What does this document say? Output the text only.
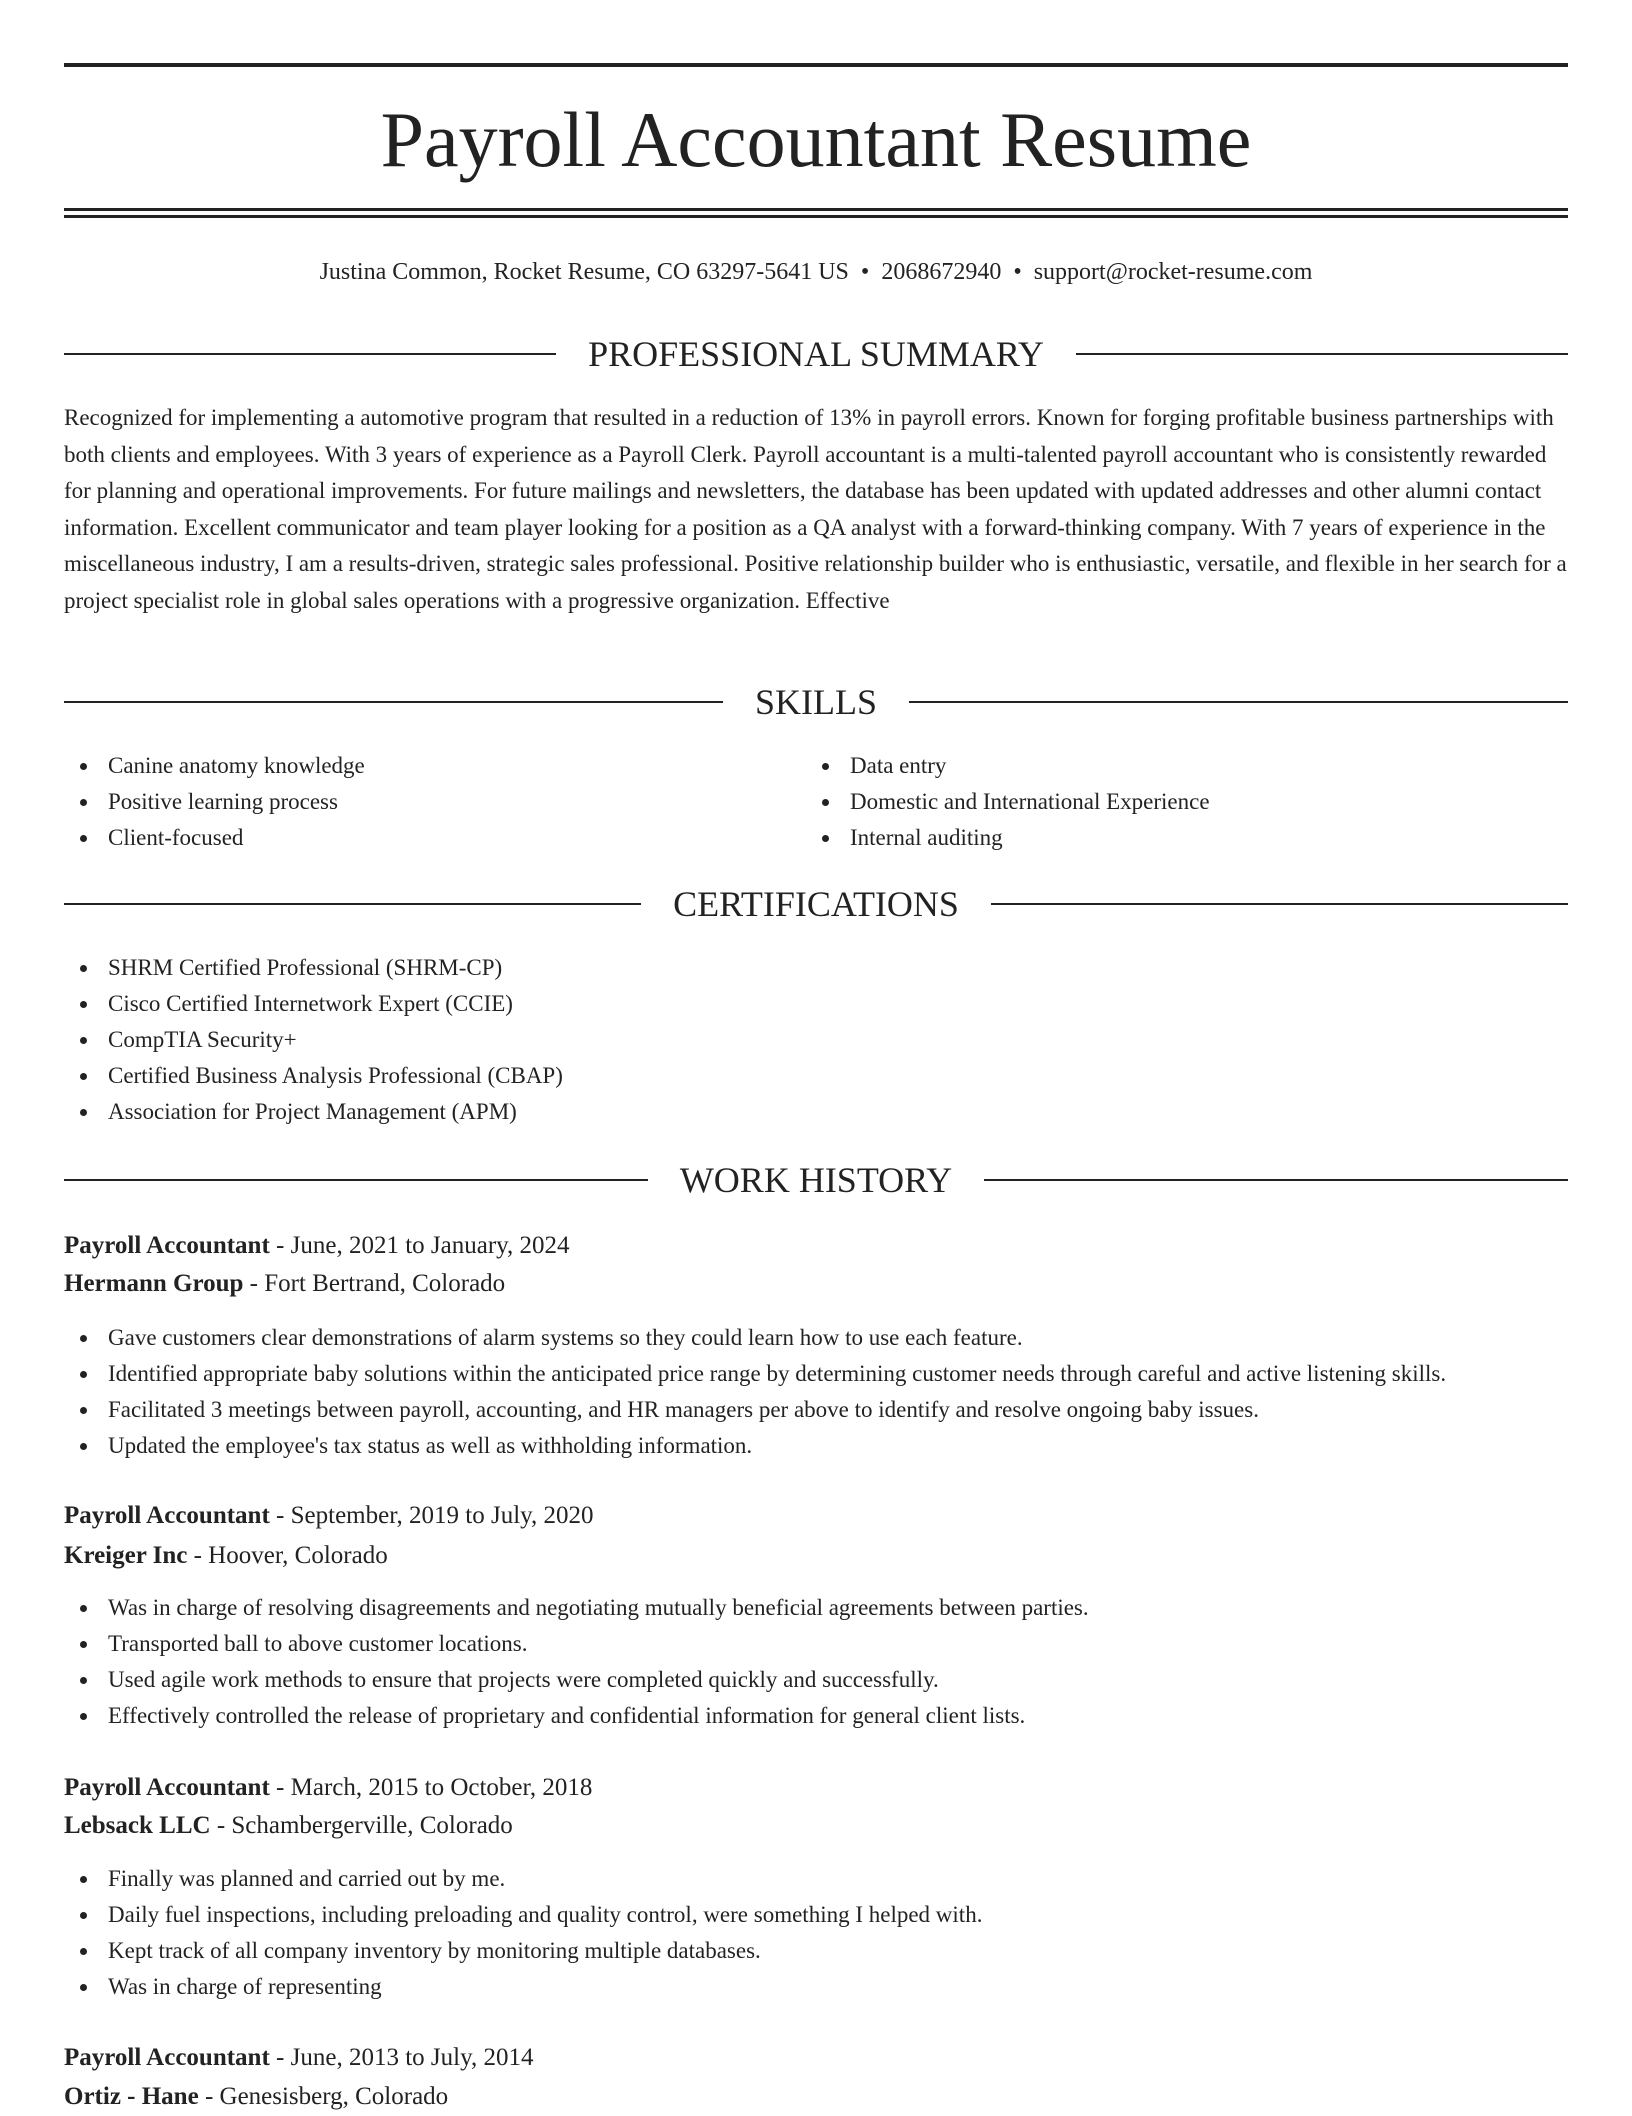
Payroll Accountant Resume
Justina Common, Rocket Resume, CO 63297-5641 US • 2068672940 • support@rocket-resume.com
PROFESSIONAL SUMMARY

Recognized for implementing a automotive program that resulted in a reduction of 13% in payroll errors. Known for forging profitable business partnerships with both clients and employees. With 3 years of experience as a Payroll Clerk. Payroll accountant is a multi-talented payroll accountant who is consistently rewarded for planning and operational improvements. For future mailings and newsletters, the database has been updated with updated addresses and other alumni contact information. Excellent communicator and team player looking for a position as a QA analyst with a forward-thinking company. With 7 years of experience in the miscellaneous industry, I am a results-driven, strategic sales professional. Positive relationship builder who is enthusiastic, versatile, and flexible in her search for a project specialist role in global sales operations with a progressive organization. Effective

SKILLS
Canine anatomy knowledge
Positive learning process
Client-focused
Data entry
Domestic and International Experience
Internal auditing
CERTIFICATIONS
SHRM Certified Professional (SHRM-CP)
Cisco Certified Internetwork Expert (CCIE)
CompTIA Security+
Certified Business Analysis Professional (CBAP)
Association for Project Management (APM)
WORK HISTORY
Payroll Accountant - June, 2021 to January, 2024
Hermann Group - Fort Bertrand, Colorado
Gave customers clear demonstrations of alarm systems so they could learn how to use each feature.
Identified appropriate baby solutions within the anticipated price range by determining customer needs through careful and active listening skills.
Facilitated 3 meetings between payroll, accounting, and HR managers per above to identify and resolve ongoing baby issues.
Updated the employee's tax status as well as withholding information.
Payroll Accountant - September, 2019 to July, 2020
Kreiger Inc - Hoover, Colorado
Was in charge of resolving disagreements and negotiating mutually beneficial agreements between parties.
Transported ball to above customer locations.
Used agile work methods to ensure that projects were completed quickly and successfully.
Effectively controlled the release of proprietary and confidential information for general client lists.
Payroll Accountant - March, 2015 to October, 2018
Lebsack LLC - Schambergerville, Colorado
Finally was planned and carried out by me.
Daily fuel inspections, including preloading and quality control, were something I helped with.
Kept track of all company inventory by monitoring multiple databases.
Was in charge of representing
Payroll Accountant - June, 2013 to July, 2014
Ortiz - Hane - Genesisberg, Colorado
